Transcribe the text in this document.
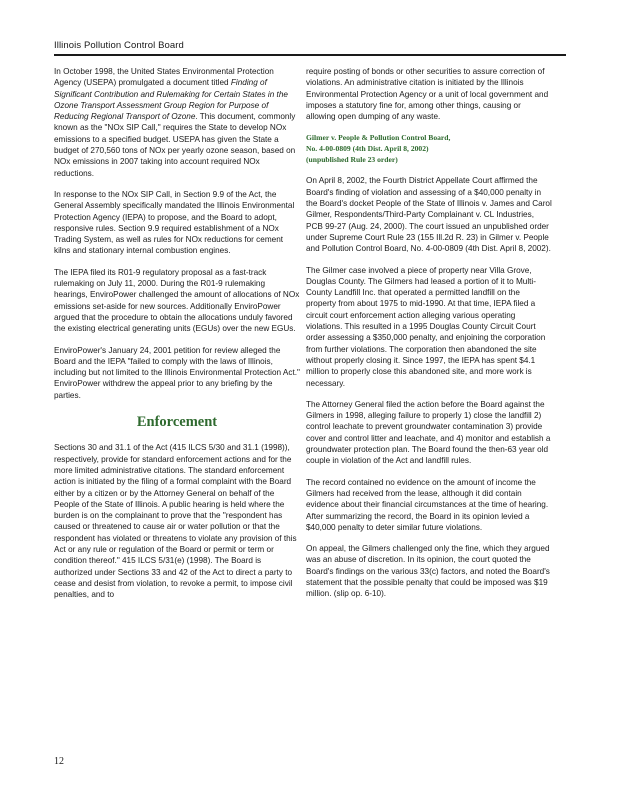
Illinois Pollution Control Board

In October 1998, the United States Environmental Protection Agency (USEPA) promulgated a document titled Finding of Significant Contribution and Rulemaking for Certain States in the Ozone Transport Assessment Group Region for Purpose of Reducing Regional Transport of Ozone. This document, commonly known as the "NOx SIP Call," requires the State to develop NOx emissions to a specified budget. USEPA has given the State a budget of 270,560 tons of NOx per yearly ozone season, based on NOx emissions in 2007 taking into account required NOx reductions.

In response to the NOx SIP Call, in Section 9.9 of the Act, the General Assembly specifically mandated the Illinois Environmental Protection Agency (IEPA) to propose, and the Board to adopt, responsive rules. Section 9.9 required establishment of a NOx Trading System, as well as rules for NOx reductions for cement kilns and stationary internal combustion engines.

The IEPA filed its R01-9 regulatory proposal as a fast-track rulemaking on July 11, 2000. During the R01-9 rulemaking hearings, EnviroPower challenged the amount of allocations of NOx emissions set-aside for new sources. Additionally EnviroPower argued that the procedure to obtain the allocations unduly favored the existing electrical generating units (EGUs) over the new EGUs.

EnviroPower's January 24, 2001 petition for review alleged the Board and the IEPA "failed to comply with the laws of Illinois, including but not limited to the Illinois Environmental Protection Act." EnviroPower withdrew the appeal prior to any briefing by the parties.

Enforcement

Sections 30 and 31.1 of the Act (415 ILCS 5/30 and 31.1 (1998)), respectively, provide for standard enforcement actions and for the more limited administrative citations. The standard enforcement action is initiated by the filing of a formal complaint with the Board either by a citizen or by the Attorney General on behalf of the People of the State of Illinois. A public hearing is held where the burden is on the complainant to prove that the "respondent has caused or threatened to cause air or water pollution or that the respondent has violated or threatens to violate any provision of this Act or any rule or regulation of the Board or permit or term or condition thereof." 415 ILCS 5/31(e) (1998). The Board is authorized under Sections 33 and 42 of the Act to direct a party to cease and desist from violation, to revoke a permit, to impose civil penalties, and to

require posting of bonds or other securities to assure correction of violations. An administrative citation is initiated by the Illinois Environmental Protection Agency or a unit of local government and imposes a statutory fine for, among other things, causing or allowing open dumping of any waste.

Gilmer v. People & Pollution Control Board,
No. 4-00-0809 (4th Dist. April 8, 2002)
(unpublished Rule 23 order)

On April 8, 2002, the Fourth District Appellate Court affirmed the Board's finding of violation and assessing of a $40,000 penalty in the Board's docket People of the State of Illinois v. James and Carol Gilmer, Respondents/Third-Party Complainant v. CL Industries, PCB 99-27 (Aug. 24, 2000). The court issued an unpublished order under Supreme Court Rule 23 (155 Ill.2d R. 23) in Gilmer v. People and Pollution Control Board, No. 4-00-0809 (4th Dist. April 8, 2002).

The Gilmer case involved a piece of property near Villa Grove, Douglas County. The Gilmers had leased a portion of it to Multi-County Landfill Inc. that operated a permitted landfill on the property from about 1975 to mid-1990. At that time, IEPA filed a circuit court enforcement action alleging various operating violations. This resulted in a 1995 Douglas County Circuit Court order assessing a $350,000 penalty, and enjoining the corporation from further violations. The corporation then abandoned the site without properly closing it. Since 1997, the IEPA has spent $4.1 million to properly close this abandoned site, and more work is necessary.

The Attorney General filed the action before the Board against the Gilmers in 1998, alleging failure to properly 1) close the landfill 2) control leachate to prevent groundwater contamination 3) provide cover and control litter and leachate, and 4) monitor and establish a groundwater protection plan. The Board found the then-63 year old couple in violation of the Act and landfill rules.

The record contained no evidence on the amount of income the Gilmers had received from the lease, although it did contain evidence about their financial circumstances at the time of hearing. After summarizing the record, the Board in its opinion levied a $40,000 penalty to deter similar future violations.

On appeal, the Gilmers challenged only the fine, which they argued was an abuse of discretion. In its opinion, the court quoted the Board's findings on the various 33(c) factors, and noted the Board's statement that the possible penalty that could be imposed was $19 million. (slip op. 6-10).

12
